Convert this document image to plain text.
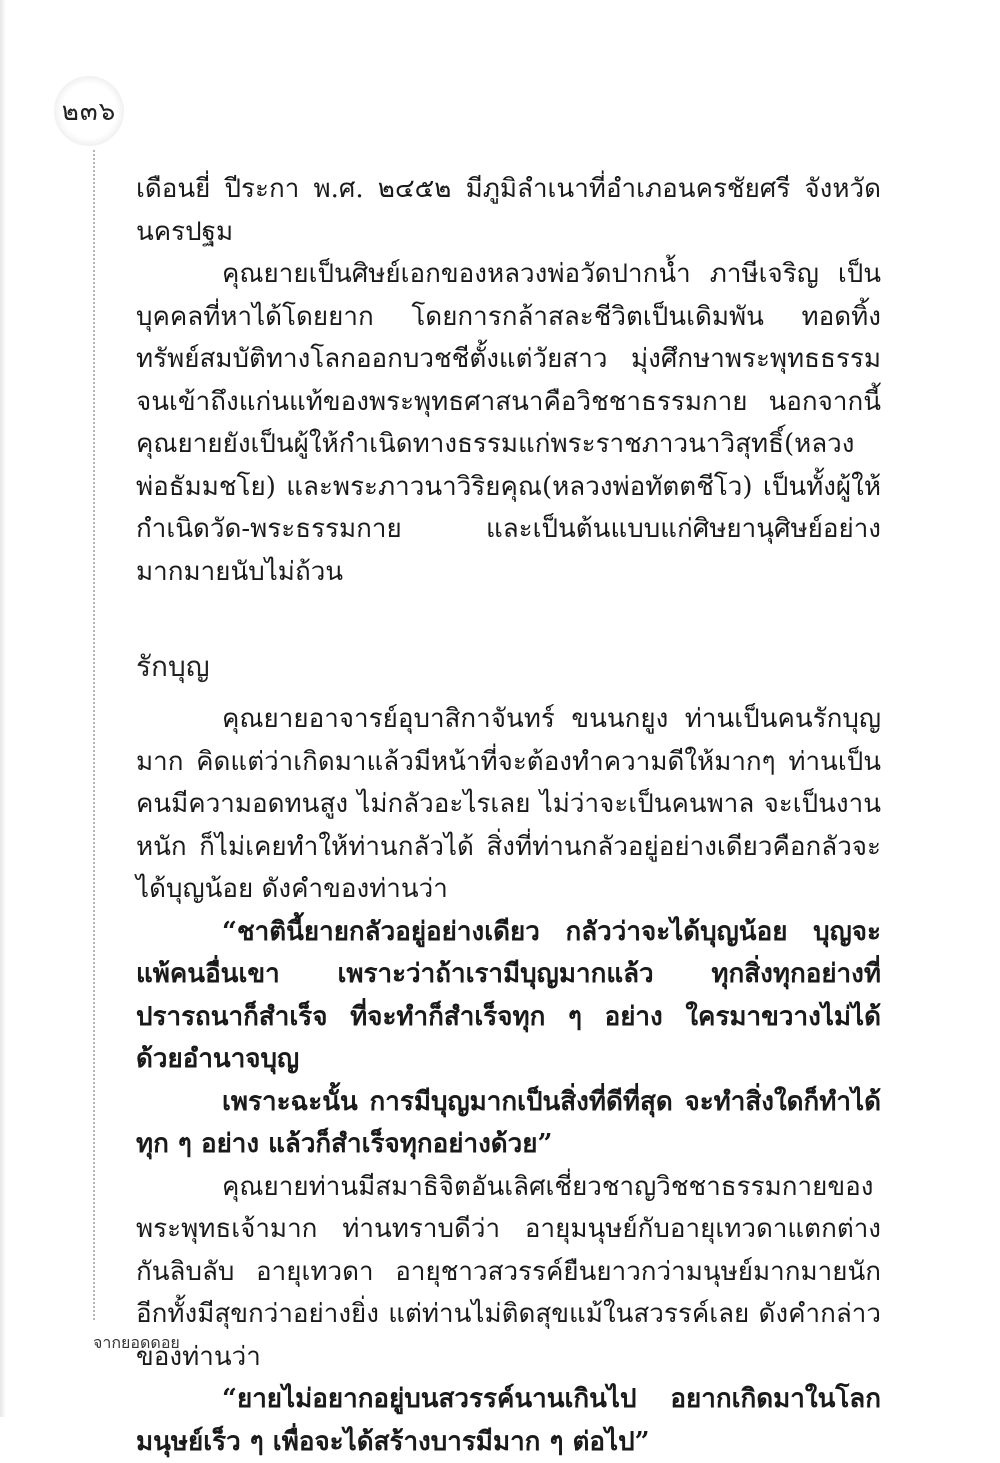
๒๓๖

เดือนยี่ ปีระกา พ.ศ. ๒๔๕๒ มีภูมิลำเนาที่อำเภอนครชัยศรี จังหวัดนครปฐม

คุณยายเป็นศิษย์เอกของหลวงพ่อวัดปากน้ำ ภาษีเจริญ เป็นบุคคลที่หาได้โดยยาก โดยการกล้าสละชีวิตเป็นเดิมพัน ทอดทิ้งทรัพย์สมบัติทางโลกออกบวชชีตั้งแต่วัยสาว มุ่งศึกษาพระพุทธธรรมจนเข้าถึงแก่นแท้ของพระพุทธศาสนาคือวิชชาธรรมกาย นอกจากนี้คุณยายยังเป็นผู้ให้กำเนิดทางธรรมแก่พระราชภาวนาวิสุทธิ์(หลวงพ่อธัมมชโย) และพระภาวนาวิริยคุณ(หลวงพ่อทัตตชีโว) เป็นทั้งผู้ให้กำเนิดวัด-พระธรรมกาย และเป็นต้นแบบแก่ศิษยานุศิษย์อย่างมากมายนับไม่ถ้วน

รักบุญ

คุณยายอาจารย์อุบาสิกาจันทร์ ขนนกยูง ท่านเป็นคนรักบุญมาก คิดแต่ว่าเกิดมาแล้วมีหน้าที่จะต้องทำความดีให้มากๆ ท่านเป็นคนมีความอดทนสูง ไม่กลัวอะไรเลย ไม่ว่าจะเป็นคนพาล จะเป็นงานหนัก ก็ไม่เคยทำให้ท่านกลัวได้ สิ่งที่ท่านกลัวอยู่อย่างเดียวคือกลัวจะได้บุญน้อย ดังคำของท่านว่า

“ชาตินี้ยายกลัวอยู่อย่างเดียว กลัวว่าจะได้บุญน้อย บุญจะแพ้คนอื่นเขา เพราะว่าถ้าเรามีบุญมากแล้ว ทุกสิ่งทุกอย่างที่ปรารถนาก็สำเร็จ ที่จะทำก็สำเร็จทุก ๆ อย่าง ใครมาขวางไม่ได้ ด้วยอำนาจบุญ

เพราะฉะนั้น การมีบุญมากเป็นสิ่งที่ดีที่สุด จะทำสิ่งใดก็ทำได้ทุก ๆ อย่าง แล้วก็สำเร็จทุกอย่างด้วย”

คุณยายท่านมีสมาธิจิตอันเลิศเชี่ยวชาญวิชชาธรรมกายของพระพุทธเจ้ามาก ท่านทราบดีว่า อายุมนุษย์กับอายุเทวดาแตกต่างกันลิบลับ อายุเทวดา อายุชาวสวรรค์ยืนยาวกว่ามนุษย์มากมายนัก อีกทั้งมีสุขกว่าอย่างยิ่ง แต่ท่านไม่ติดสุขแม้ในสวรรค์เลย ดังคำกล่าวของท่านว่า

“ยายไม่อยากอยู่บนสวรรค์นานเกินไป อยากเกิดมาในโลกมนุษย์เร็ว ๆ เพื่อจะได้สร้างบารมีมาก ๆ ต่อไป”

จากยอดดอย
